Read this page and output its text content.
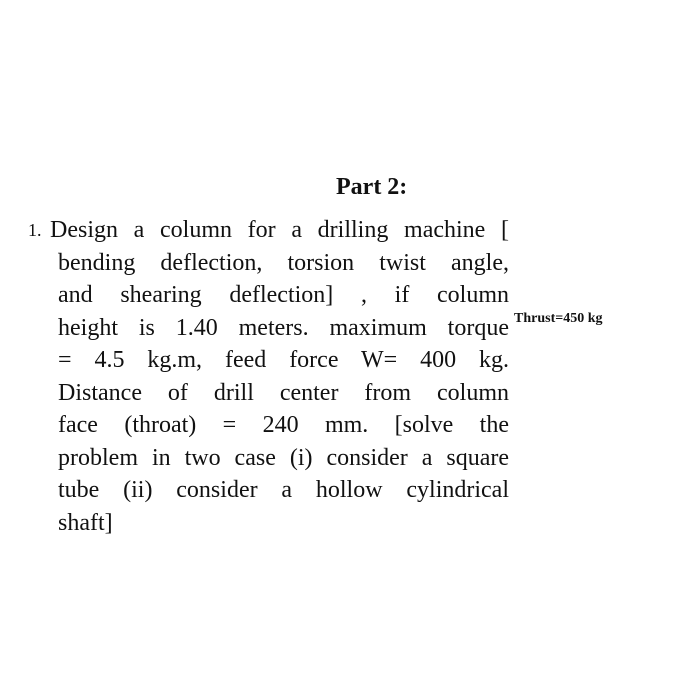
Part 2:
1. Design a column for a drilling machine [
bending deflection, torsion twist angle,
and shearing deflection] , if column
height is 1.40 meters. maximum torque
= 4.5 kg.m, feed force W= 400 kg.
Distance of drill center from column
face (throat) = 240 mm. [solve the
problem in two case (i) consider a square
tube (ii) consider a hollow cylindrical
shaft]
Thrust=450 kg
